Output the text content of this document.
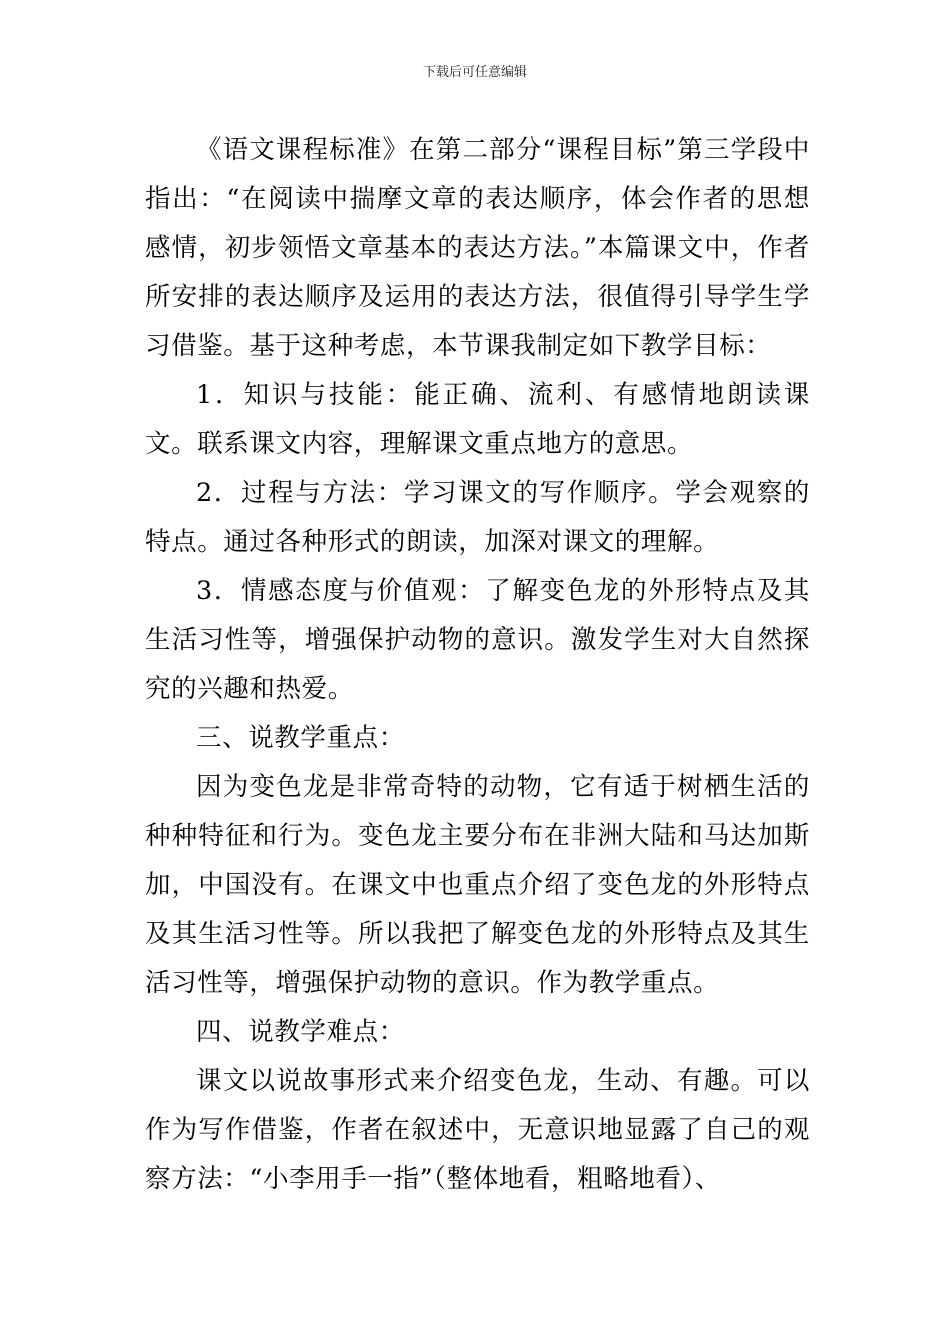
下载后可任意编辑

《语文课程标准》在第二部分“课程目标”第三学段中指出：“在阅读中揣摩文章的表达顺序，体会作者的思想感情，初步领悟文章基本的表达方法。”本篇课文中，作者所安排的表达顺序及运用的表达方法，很值得引导学生学习借鉴。基于这种考虑，本节课我制定如下教学目标：

1．知识与技能：能正确、流利、有感情地朗读课文。联系课文内容，理解课文重点地方的意思。

2．过程与方法：学习课文的写作顺序。学会观察的特点。通过各种形式的朗读，加深对课文的理解。

3．情感态度与价值观：了解变色龙的外形特点及其生活习性等，增强保护动物的意识。激发学生对大自然探究的兴趣和热爱。

三、说教学重点：

因为变色龙是非常奇特的动物，它有适于树栖生活的种种特征和行为。变色龙主要分布在非洲大陆和马达加斯加，中国没有。在课文中也重点介绍了变色龙的外形特点及其生活习性等。所以我把了解变色龙的外形特点及其生活习性等，增强保护动物的意识。作为教学重点。

四、说教学难点：

课文以说故事形式来介绍变色龙，生动、有趣。可以作为写作借鉴，作者在叙述中，无意识地显露了自己的观察方法：“小李用手一指”（整体地看，粗略地看）、
